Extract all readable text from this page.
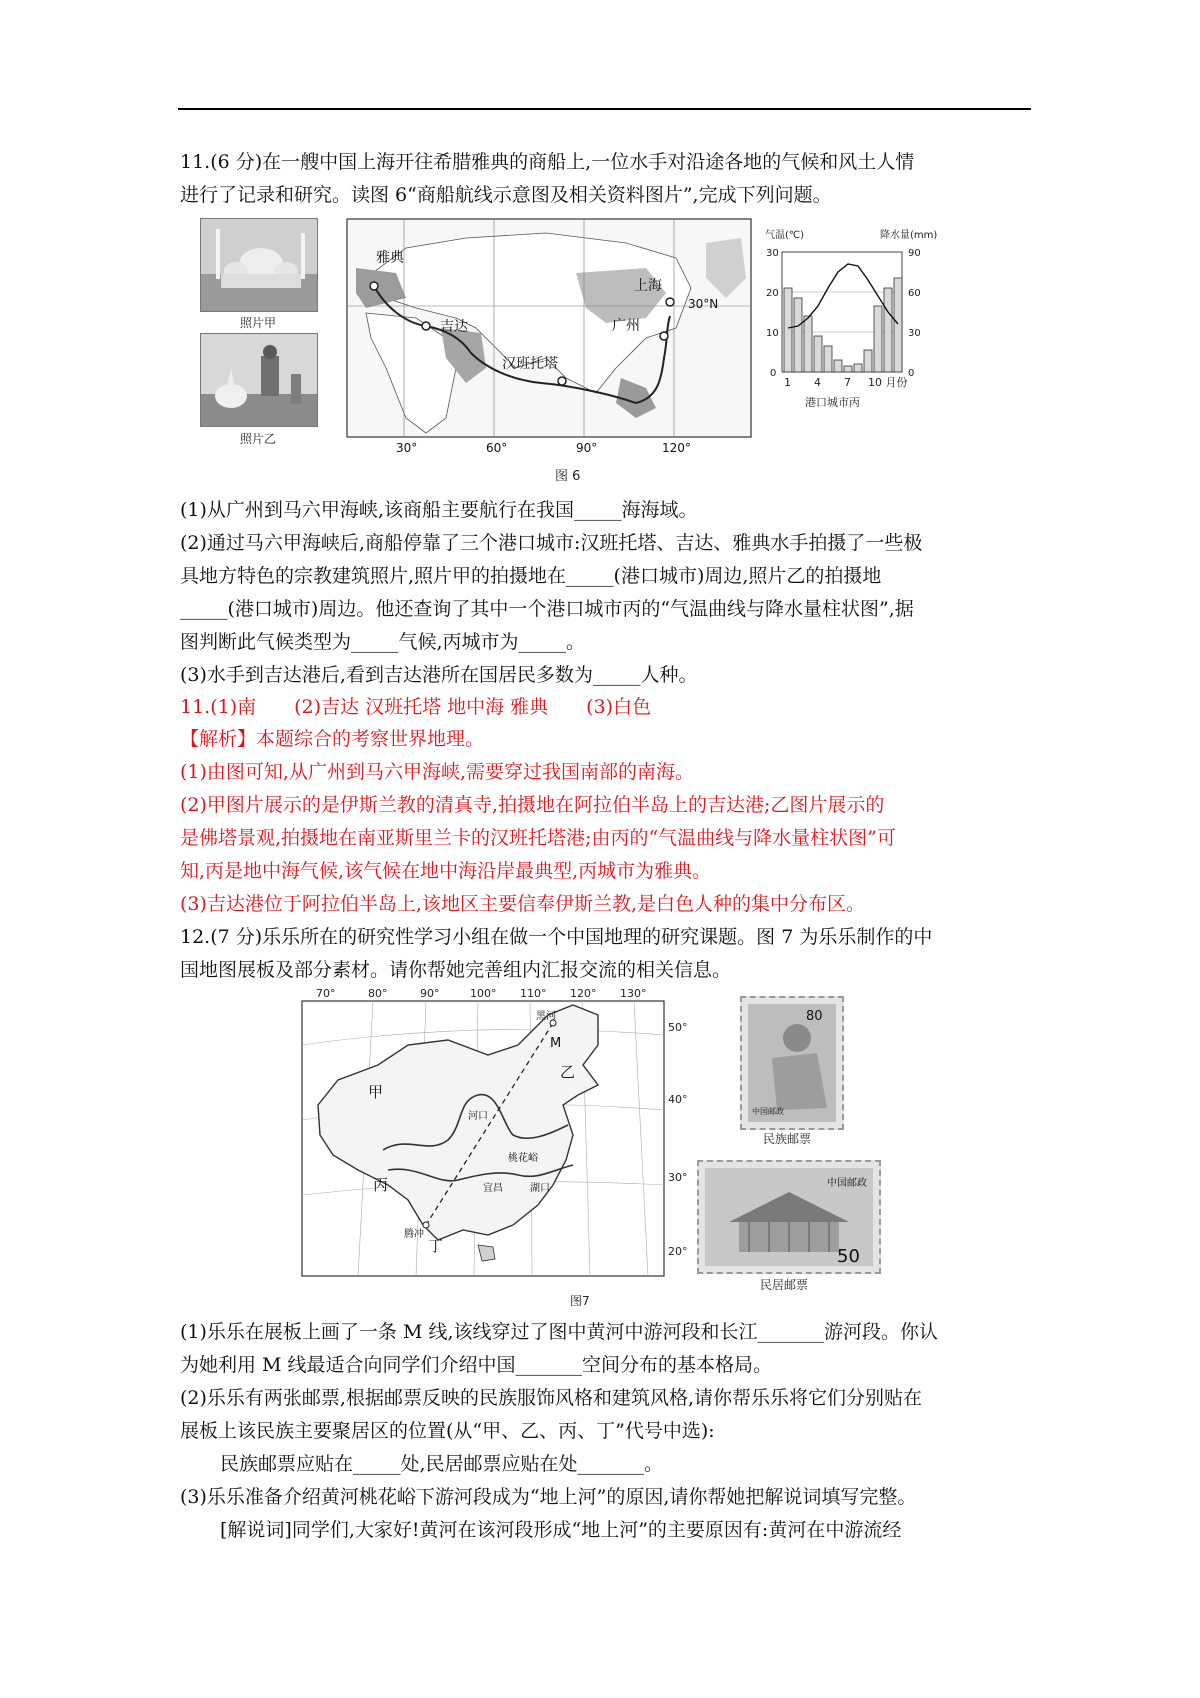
11.(6 分)在一艘中国上海开往希腊雅典的商船上,一位水手对沿途各地的气候和风土人情
进行了记录和研究。读图 6“商船航线示意图及相关资料图片”,完成下列问题。
照片甲
照片乙
雅典
上海
30°N
吉达	广州
汉班托塔
30°	60°	90°	120°
气温(℃)	降水量(mm)
30
20
10
0
90
60
30
0
1 4 7 10 月份
港口城市丙
图 6
(1)从广州到马六甲海峡,该商船主要航行在我国_____海海域。
(2)通过马六甲海峡后,商船停靠了三个港口城市:汉班托塔、吉达、雅典水手拍摄了一些极
具地方特色的宗教建筑照片,照片甲的拍摄地在_____(港口城市)周边,照片乙的拍摄地
_____(港口城市)周边。他还查询了其中一个港口城市丙的“气温曲线与降水量柱状图”,据
图判断此气候类型为_____气候,丙城市为_____。
(3)水手到吉达港后,看到吉达港所在国居民多数为_____人种。
11.(1)南　　(2)吉达 汉班托塔 地中海 雅典　　(3)白色
【解析】本题综合的考察世界地理。
(1)由图可知,从广州到马六甲海峡,需要穿过我国南部的南海。
(2)甲图片展示的是伊斯兰教的清真寺,拍摄地在阿拉伯半岛上的吉达港;乙图片展示的
是佛塔景观,拍摄地在南亚斯里兰卡的汉班托塔港;由丙的“气温曲线与降水量柱状图”可
知,丙是地中海气候,该气候在地中海沿岸最典型,丙城市为雅典。
(3)吉达港位于阿拉伯半岛上,该地区主要信奉伊斯兰教,是白色人种的集中分布区。
12.(7 分)乐乐所在的研究性学习小组在做一个中国地理的研究课题。图 7 为乐乐制作的中
国地图展板及部分素材。请你帮她完善组内汇报交流的相关信息。
70°	80°	90°	100° 110° 120° 130°
甲
乙
丙
丁
M
黑河
河口
桃花峪
宜昌	湖口
腾冲
50°
40°
30°
20°
80
中国邮政
民族邮票
中国邮政
50
民居邮票
图7
(1)乐乐在展板上画了一条 M 线,该线穿过了图中黄河中游河段和长江_______游河段。你认
为她利用 M 线最适合向同学们介绍中国_______空间分布的基本格局。
(2)乐乐有两张邮票,根据邮票反映的民族服饰风格和建筑风格,请你帮乐乐将它们分别贴在
展板上该民族主要聚居区的位置(从“甲、乙、丙、丁”代号中选):
民族邮票应贴在_____处,民居邮票应贴在处_______。
(3)乐乐准备介绍黄河桃花峪下游河段成为“地上河”的原因,请你帮她把解说词填写完整。
[解说词]同学们,大家好!黄河在该河段形成“地上河”的主要原因有:黄河在中游流经
